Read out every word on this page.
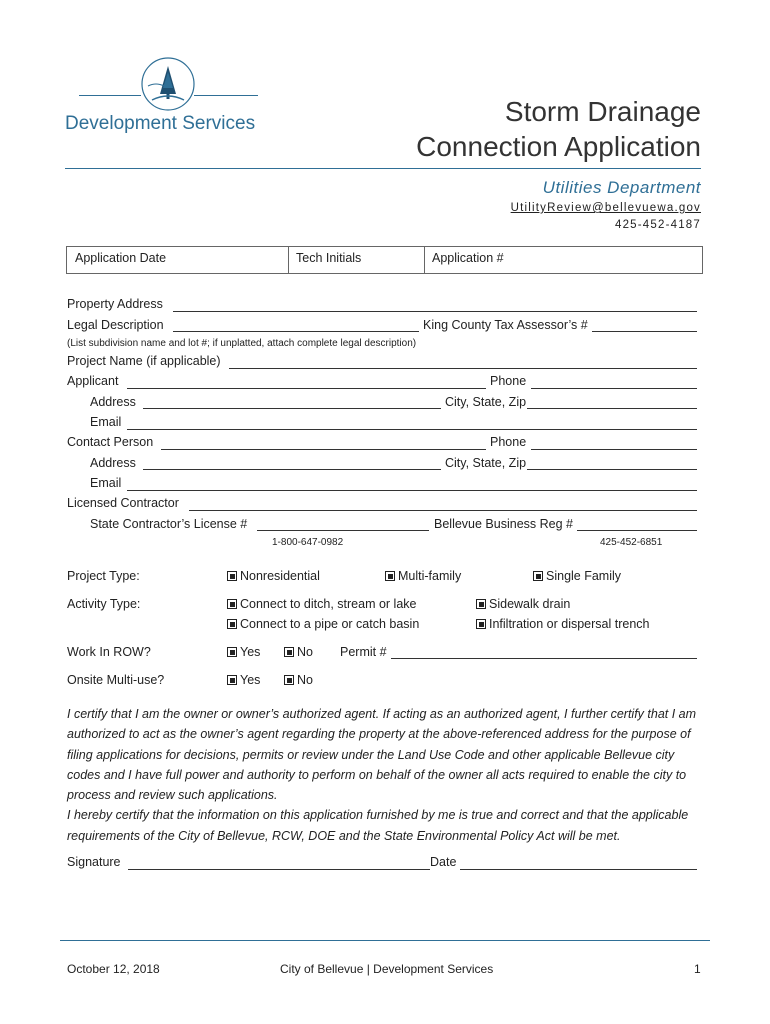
Development Services	Storm Drainage
Connection Application
Utilities Department
UtilityReview@bellevuewa.gov
425-452-4187
Application Date	Tech Initials	Application #
Property Address
Legal Description	King County Tax Assessor’s #
(List subdivision name and lot #; if unplatted, attach complete legal description)
Project Name (if applicable)
Applicant	Phone
Address	City, State, Zip
Email
Contact Person	Phone
Address	City, State, Zip
Email
Licensed Contractor
State Contractor’s License #	Bellevue Business Reg #
1-800-647-0982	425-452-6851
Project Type:	Nonresidential	Multi-family	Single Family
Activity Type:	Connect to ditch, stream or lake	Sidewalk drain
Connect to a pipe or catch basin	Infiltration or dispersal trench
Work In ROW?	Yes	No Permit #
Onsite Multi-use?	Yes	No
I certify that I am the owner or owner’s authorized agent. If acting as an authorized agent, I further certify that I am authorized to act as the owner’s agent regarding the property at the above-referenced address for the purpose of filing applications for decisions, permits or review under the Land Use Code and other applicable Bellevue city codes and I have full power and authority to perform on behalf of the owner all acts required to enable the city to process and review such applications.
I hereby certify that the information on this application furnished by me is true and correct and that the applicable requirements of the City of Bellevue, RCW, DOE and the State Environmental Policy Act will be met.
Signature	Date
October 12, 2018	City of Bellevue | Development Services	1
